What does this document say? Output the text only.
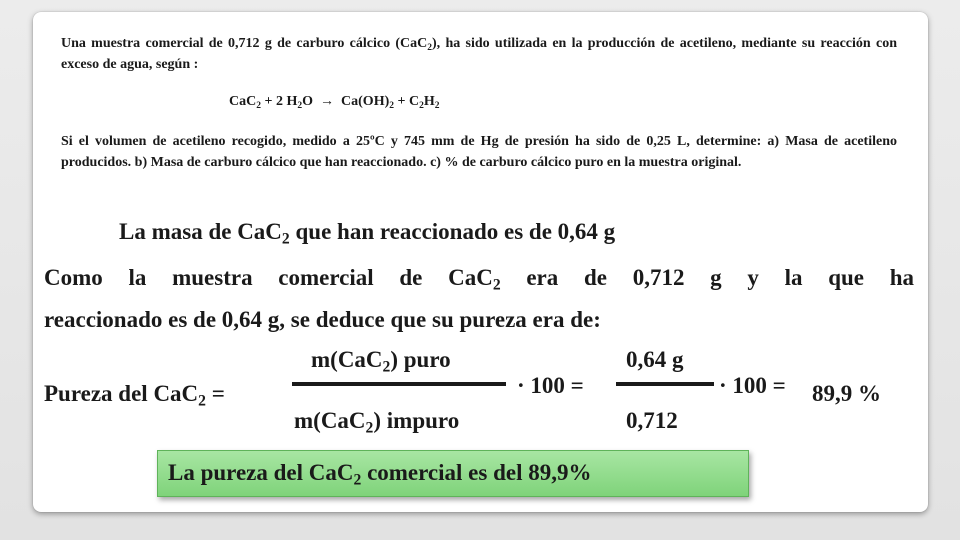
Una muestra comercial de 0,712 g de carburo cálcico (CaC$_2$), ha sido utilizada en la producción de acetileno, mediante su reacción con exceso de agua, según :
CaC$_2$ + 2 $H_2O \to Ca(OH)_2 + C_2H_2$
Si el volumen de acetileno recogido, medido a 25ºC y 745 mm de Hg de presión ha sido de 0,25 L, determine: a) Masa de acetileno producidos. b) Masa de carburo cálcico que han reaccionado. c) % de carburo cálcico puro en la muestra original.
La masa de CaC$_2$ que han reaccionado es de 0,64 g
Como la muestra comercial de CaC$_2$ era de 0,712 g y la que ha
reaccionado es de 0,64 g, se deduce que su pureza era de:
Pureza del CaC$_2$ =
m(CaC$_2$) puro
m(CaC$_2$) impuro
· 100 =
0,64 g
0,712
· 100 = 89,9 %
La pureza del CaC$_2$ comercial es del 89,9%
